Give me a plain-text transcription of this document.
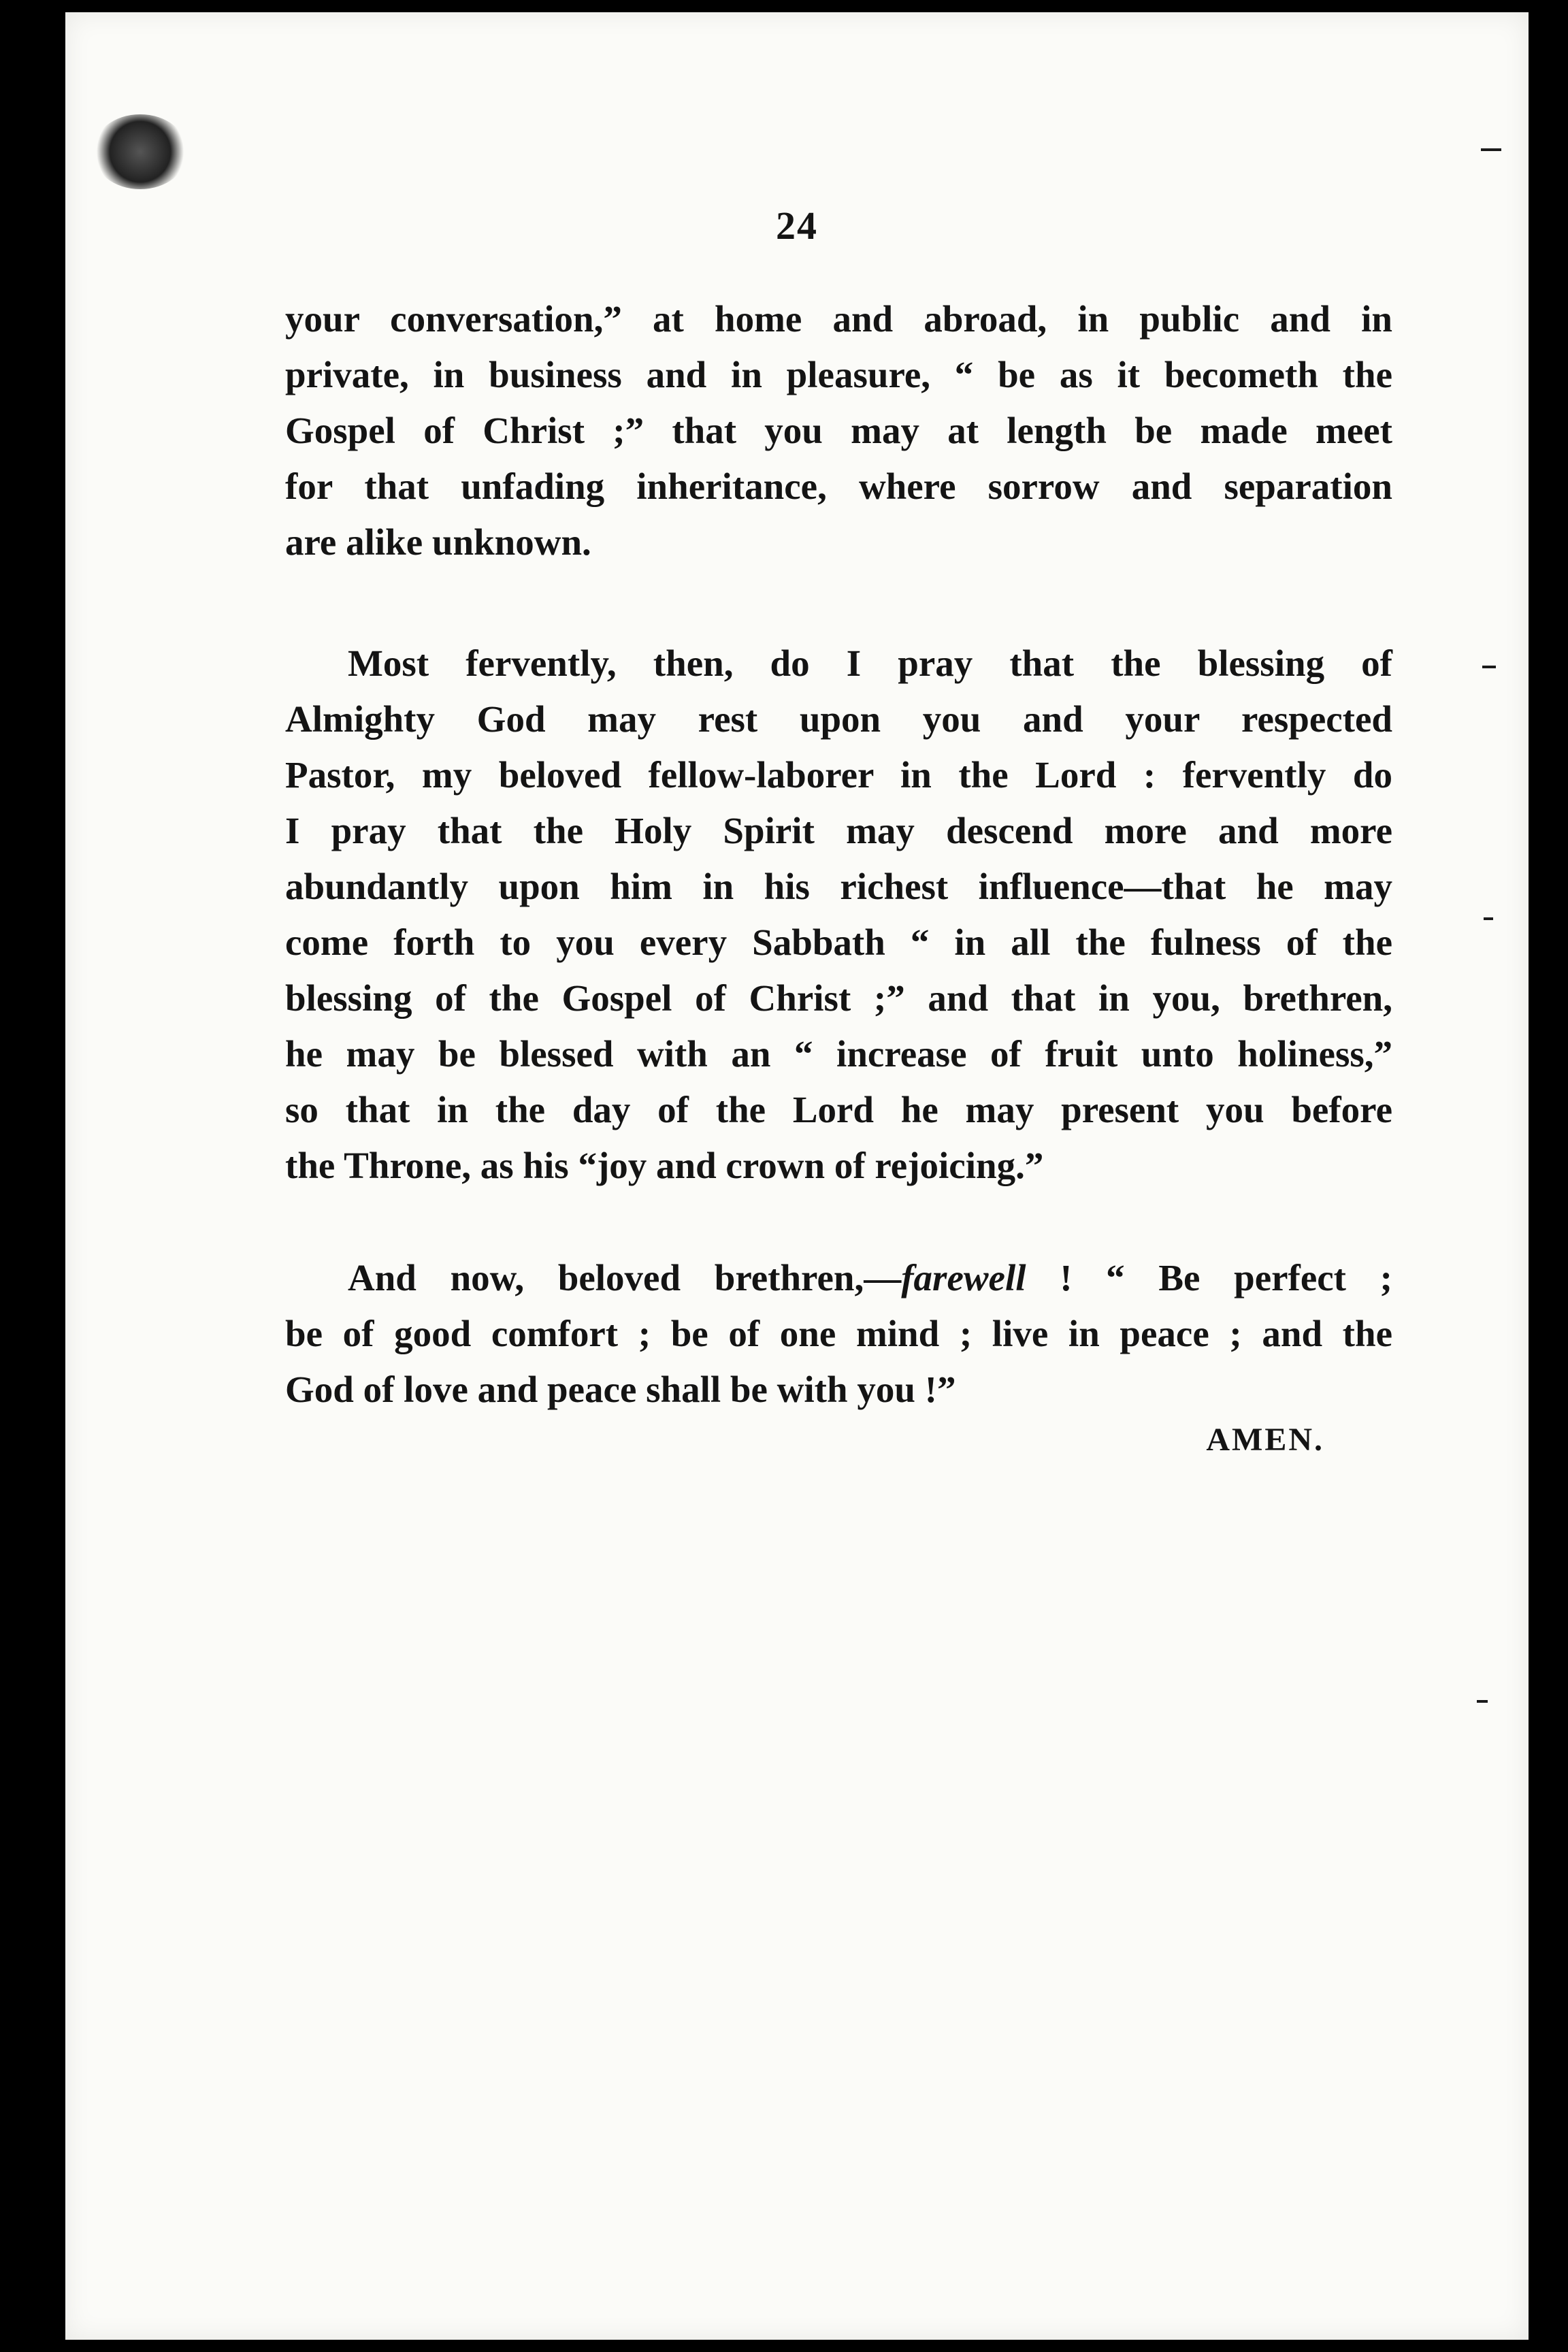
24
your conversation,” at home and abroad, in public and in
private, in business and in pleasure, “ be as it becometh the
Gospel of Christ ;” that you may at length be made meet
for that unfading inheritance, where sorrow and separation
are alike unknown.
Most fervently, then, do I pray that the blessing of
Almighty God may rest upon you and your respected
Pastor, my beloved fellow-laborer in the Lord : fervently do
I pray that the Holy Spirit may descend more and more
abundantly upon him in his richest influence—that he may
come forth to you every Sabbath “ in all the fulness of the
blessing of the Gospel of Christ ;” and that in you, brethren,
he may be blessed with an “ increase of fruit unto holiness,”
so that in the day of the Lord he may present you before
the Throne, as his “joy and crown of rejoicing.”
And now, beloved brethren,—farewell ! “ Be perfect ;
be of good comfort ; be of one mind ; live in peace ; and the
God of love and peace shall be with you !”
AMEN.
